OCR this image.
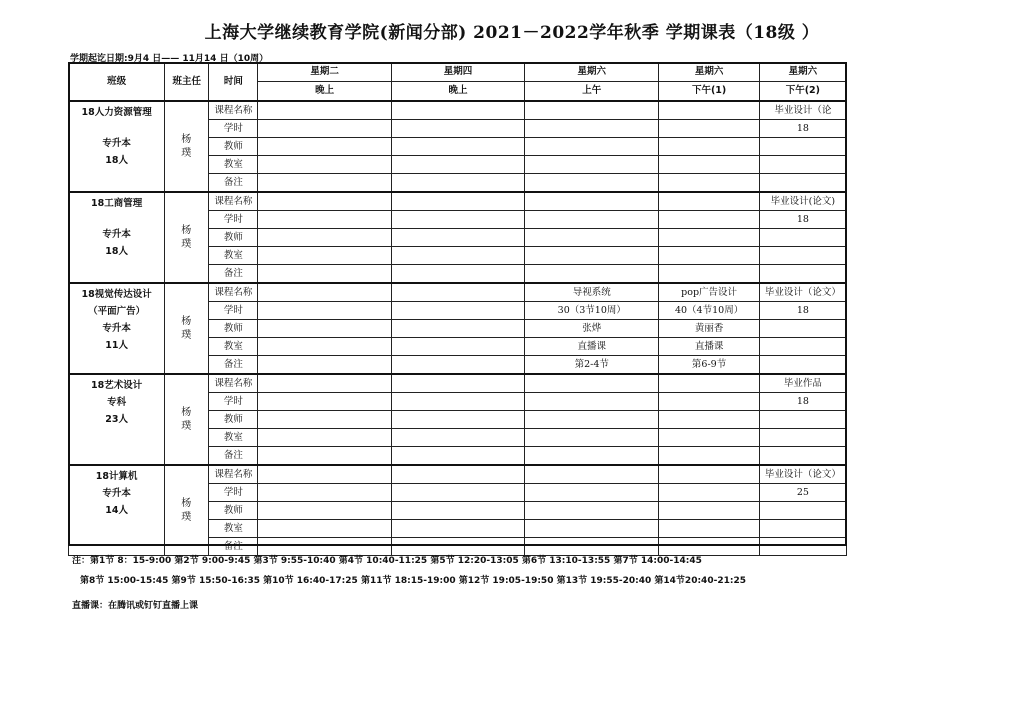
上海大学继续教育学院(新闻分部) 2021－2022学年秋季 学期课表（18级 ）
学期起讫日期:9月4 日—— 11月14 日（10周）
班级	班主任	时间	星期二	星期四	星期六	星期六	星期六
			晚上	晚上	上午	下午(1)	下午(2)

18人力资源管理
专升本
18人	杨璞	课程名称					毕业设计（论
		学时					18
		教师					
		教室					
		备注					

18工商管理
专升本
18人	杨璞	课程名称					毕业设计(论文)
		学时					18
		教师					
		教室					
		备注					

18视觉传达设计
（平面广告）
专升本
11人	杨璞	课程名称			导视系统	pop广告设计	毕业设计（论文）
		学时			30（3节10周）	40（4节10周）	18
		教师			张烨	黄丽香	
		教室			直播课	直播课	
		备注			第2-4节	第6-9节	

18艺术设计
专科
23人	杨璞	课程名称					毕业作品
		学时					18
		教师					
		教室					
		备注					

18计算机
专升本
14人	杨璞	课程名称					毕业设计（论文）
		学时					25
		教师					
		教室					
		备注					
注：第1节 8：15-9:00 第2节 9:00-9:45 第3节 9:55-10:40 第4节 10:40-11:25 第5节 12:20-13:05 第6节 13:10-13:55 第7节 14:00-14:45
第8节 15:00-15:45 第9节 15:50-16:35 第10节 16:40-17:25 第11节 18:15-19:00 第12节 19:05-19:50 第13节 19:55-20:40 第14节20:40-21:25
直播课：在腾讯或钉钉直播上课
